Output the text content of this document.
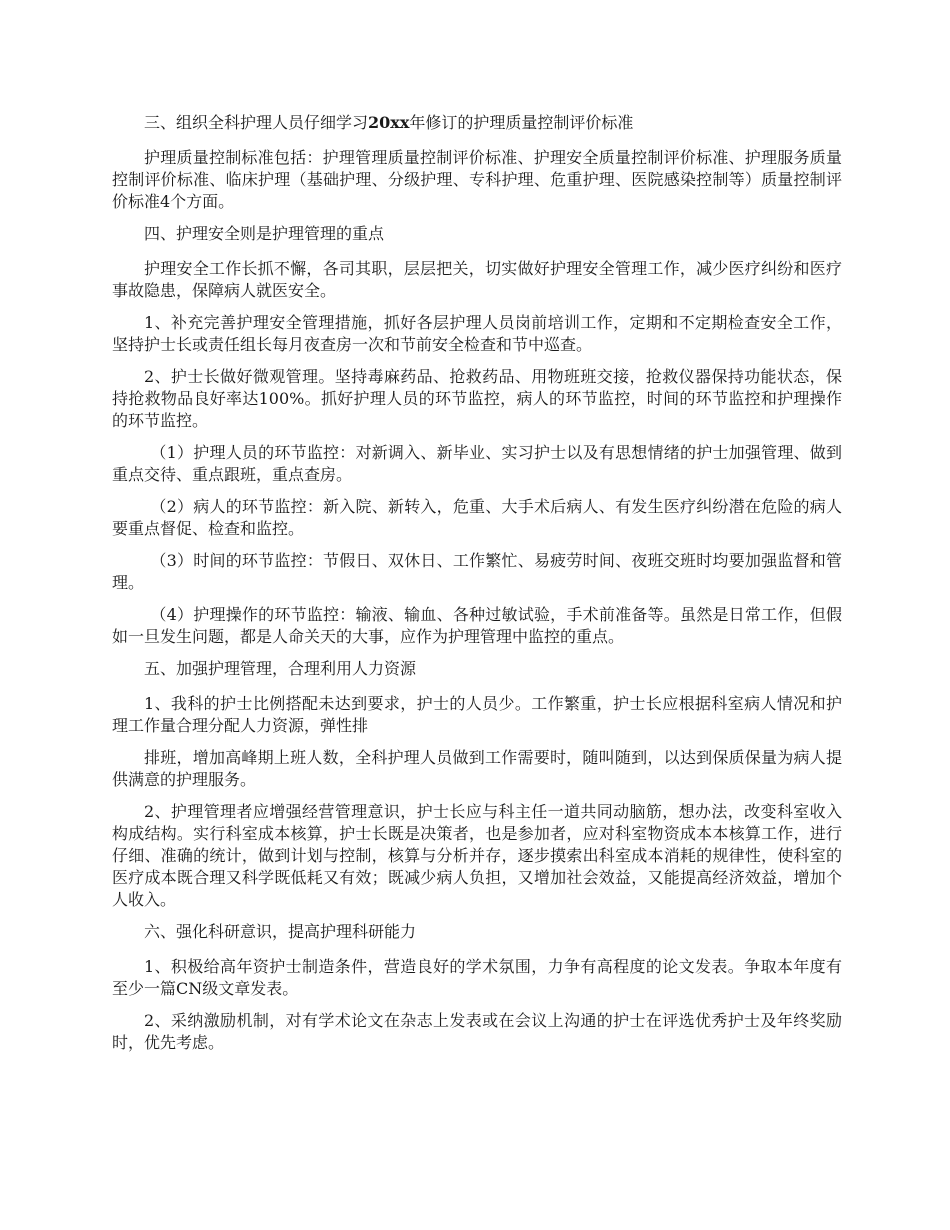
三、组织全科护理人员仔细学习20xx年修订的护理质量控制评价标准

护理质量控制标准包括：护理管理质量控制评价标准、护理安全质量控制评价标准、护理服务质量控制评价标准、临床护理（基础护理、分级护理、专科护理、危重护理、医院感染控制等）质量控制评价标准4个方面。

四、护理安全则是护理管理的重点

护理安全工作长抓不懈，各司其职，层层把关，切实做好护理安全管理工作，减少医疗纠纷和医疗事故隐患，保障病人就医安全。

1、补充完善护理安全管理措施，抓好各层护理人员岗前培训工作，定期和不定期检查安全工作，坚持护士长或责任组长每月夜查房一次和节前安全检查和节中巡查。

2、护士长做好微观管理。坚持毒麻药品、抢救药品、用物班班交接，抢救仪器保持功能状态，保持抢救物品良好率达100%。抓好护理人员的环节监控，病人的环节监控，时间的环节监控和护理操作的环节监控。

（1）护理人员的环节监控：对新调入、新毕业、实习护士以及有思想情绪的护士加强管理、做到重点交待、重点跟班，重点查房。

（2）病人的环节监控：新入院、新转入，危重、大手术后病人、有发生医疗纠纷潜在危险的病人要重点督促、检查和监控。

（3）时间的环节监控：节假日、双休日、工作繁忙、易疲劳时间、夜班交班时均要加强监督和管理。

（4）护理操作的环节监控：输液、输血、各种过敏试验，手术前准备等。虽然是日常工作，但假如一旦发生问题，都是人命关天的大事，应作为护理管理中监控的重点。

五、加强护理管理，合理利用人力资源

1、我科的护士比例搭配未达到要求，护士的人员少。工作繁重，护士长应根据科室病人情况和护理工作量合理分配人力资源，弹性排

排班，增加高峰期上班人数，全科护理人员做到工作需要时，随叫随到，以达到保质保量为病人提供满意的护理服务。

2、护理管理者应增强经营管理意识，护士长应与科主任一道共同动脑筋，想办法，改变科室收入构成结构。实行科室成本核算，护士长既是决策者，也是参加者，应对科室物资成本本核算工作，进行仔细、准确的统计，做到计划与控制，核算与分析并存，逐步摸索出科室成本消耗的规律性，使科室的医疗成本既合理又科学既低耗又有效；既减少病人负担，又增加社会效益，又能提高经济效益，增加个人收入。

六、强化科研意识，提高护理科研能力

1、积极给高年资护士制造条件，营造良好的学术氛围，力争有高程度的论文发表。争取本年度有至少一篇CN级文章发表。

2、采纳激励机制，对有学术论文在杂志上发表或在会议上沟通的护士在评选优秀护士及年终奖励时，优先考虑。
